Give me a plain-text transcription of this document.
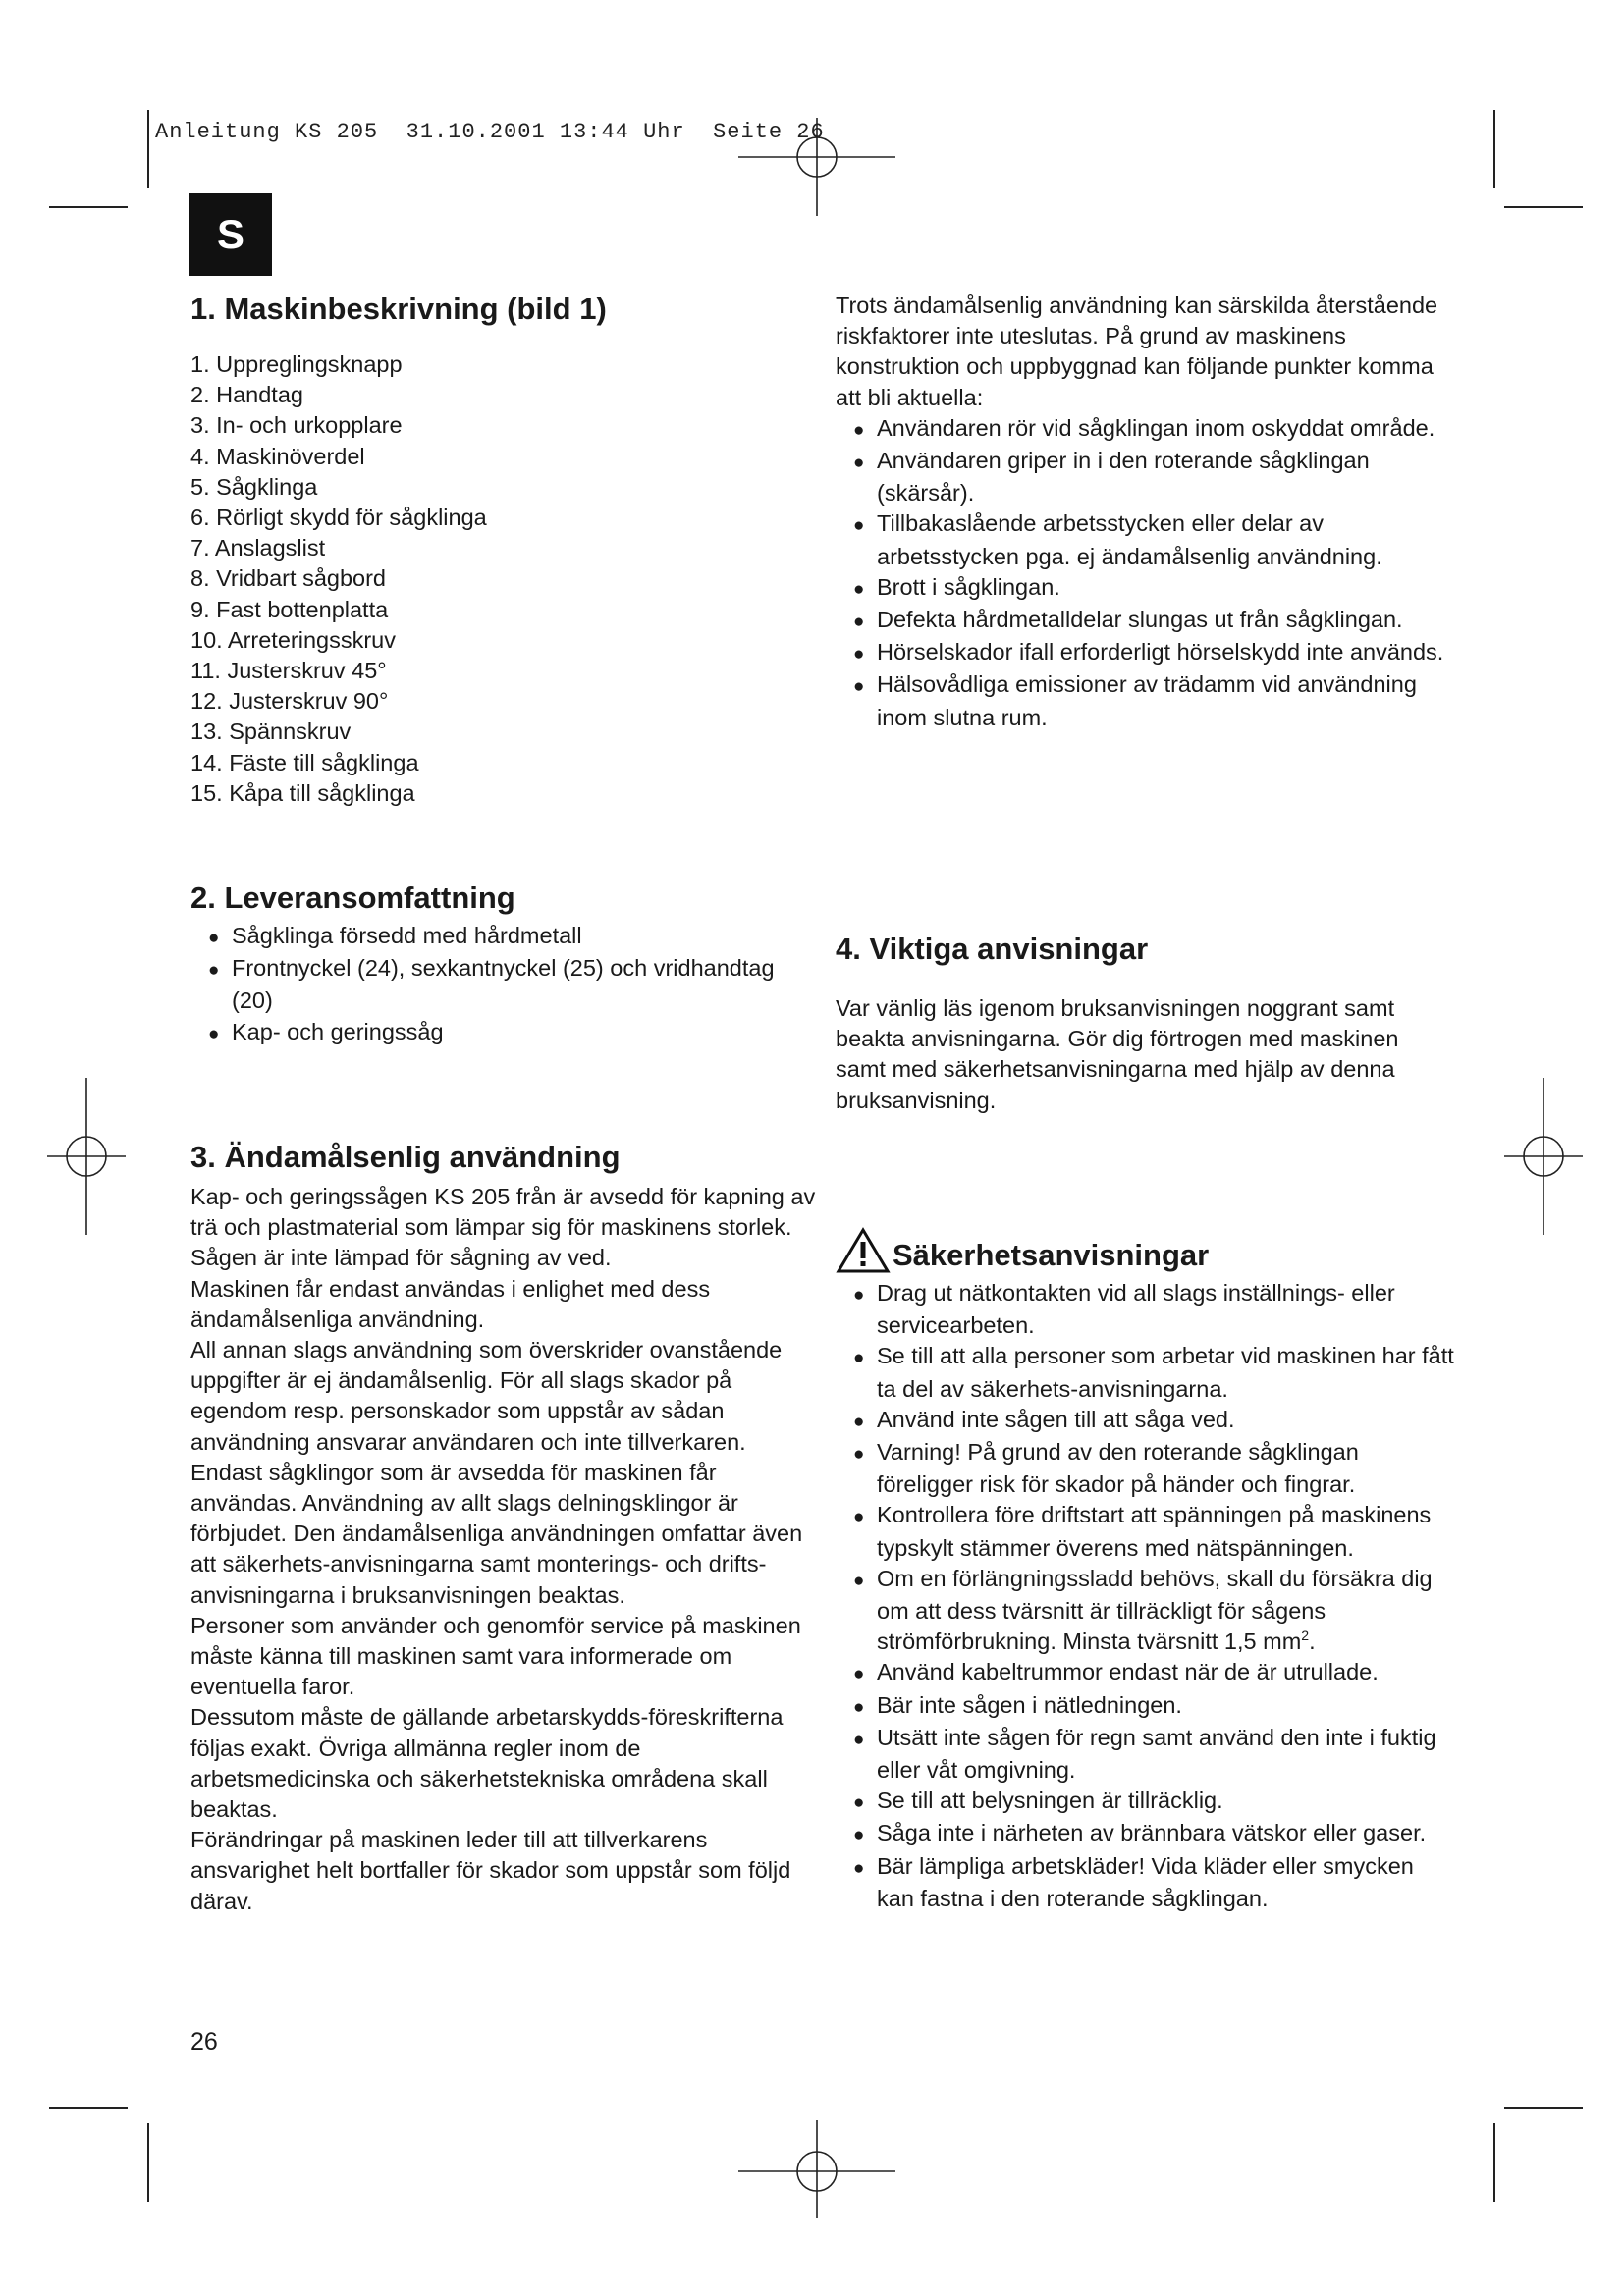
Anleitung KS 205  31.10.2001 13:44 Uhr  Seite 26
S
1. Maskinbeskrivning (bild 1)
1. Uppreglingsknapp
2. Handtag
3. In- och urkopplare
4. Maskinöverdel
5. Sågklinga
6. Rörligt skydd för sågklinga
7. Anslagslist
8. Vridbart sågbord
9. Fast bottenplatta
10. Arreteringsskruv
11. Justerskruv 45°
12. Justerskruv 90°
13. Spännskruv
14. Fäste till sågklinga
15. Kåpa till sågklinga
2. Leveransomfattning
● Sågklinga försedd med hårdmetall
● Frontnyckel (24), sexkantnyckel (25) och vridhandtag (20)
● Kap- och geringssåg
3. Ändamålsenlig användning

Kap- och geringssågen KS 205 från är avsedd för kapning av trä och plastmaterial som lämpar sig för maskinens storlek.

Sågen är inte lämpad för sågning av ved.

Maskinen får endast användas i enlighet med dess ändamålsenliga användning.

All annan slags användning som överskrider ovanstående uppgifter är ej ändamålsenlig. För all slags skador på egendom resp. personskador som uppstår av sådan användning ansvarar användaren och inte tillverkaren. Endast sågklingor som är avsedda för maskinen får användas. Användning av allt slags delningsklingor är förbjudet. Den ändamålsenliga användningen omfattar även att säkerhets-anvisningarna samt monterings- och drifts-anvisningarna i bruksanvisningen beaktas.

Personer som använder och genomför service på maskinen måste känna till maskinen samt vara informerade om eventuella faror.

Dessutom måste de gällande arbetarskydds-föreskrifterna följas exakt. Övriga allmänna regler inom de arbetsmedicinska och säkerhetstekniska områdena skall beaktas.

Förändringar på maskinen leder till att tillverkarens ansvarighet helt bortfaller för skador som uppstår som följd därav.

Trots ändamålsenlig användning kan särskilda återstående riskfaktorer inte uteslutas. På grund av maskinens konstruktion och uppbyggnad kan följande punkter komma att bli aktuella:

● Användaren rör vid sågklingan inom oskyddat område.
● Användaren griper in i den roterande sågklingan (skärsår).
● Tillbakaslående arbetsstycken eller delar av arbetsstycken pga. ej ändamålsenlig användning.
● Brott i sågklingan.
● Defekta hårdmetalldelar slungas ut från sågklingan.
● Hörselskador ifall erforderligt hörselskydd inte används.
● Hälsovådliga emissioner av trädamm vid användning inom slutna rum.
4. Viktiga anvisningar

Var vänlig läs igenom bruksanvisningen noggrant samt beakta anvisningarna. Gör dig förtrogen med maskinen samt med säkerhetsanvisningarna med hjälp av denna bruksanvisning.

Säkerhetsanvisningar
● Drag ut nätkontakten vid all slags inställnings- eller servicearbeten.
● Se till att alla personer som arbetar vid maskinen har fått ta del av säkerhets-anvisningarna.
● Använd inte sågen till att såga ved.
● Varning! På grund av den roterande sågklingan föreligger risk för skador på händer och fingrar.
● Kontrollera före driftstart att spänningen på maskinens typskylt stämmer överens med nätspänningen.
● Om en förlängningssladd behövs, skall du försäkra dig om att dess tvärsnitt är tillräckligt för sågens strömförbrukning. Minsta tvärsnitt 1,5 $mm^2$.
● Använd kabeltrummor endast när de är utrullade.
● Bär inte sågen i nätledningen.
● Utsätt inte sågen för regn samt använd den inte i fuktig eller våt omgivning.
● Se till att belysningen är tillräcklig.
● Såga inte i närheten av brännbara vätskor eller gaser.
● Bär lämpliga arbetskläder! Vida kläder eller smycken kan fastna i den roterande sågklingan.
26
